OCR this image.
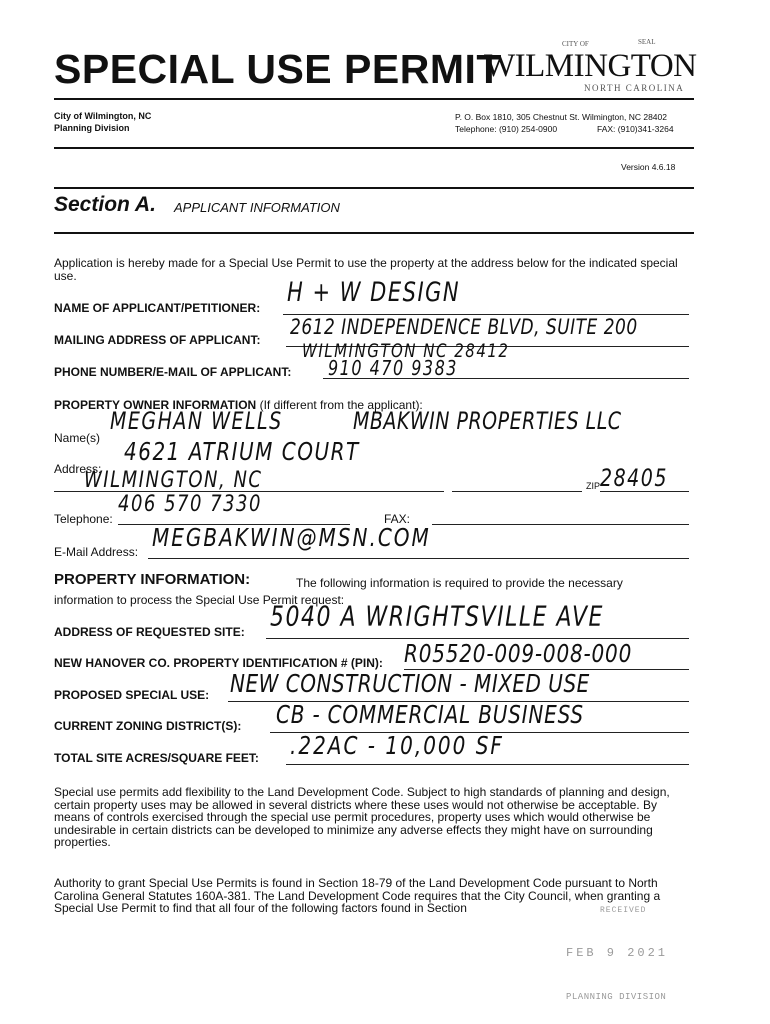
SPECIAL USE PERMIT
CITY OF	SEAL
WILMINGTON
NORTH CAROLINA
City of Wilmington, NC
Planning Division
P. O. Box 1810, 305 Chestnut St. Wilmington, NC 28402
Telephone: (910) 254-0900	FAX: (910)341-3264
Version 4.6.18
Section A. APPLICANT INFORMATION
Application is hereby made for a Special Use Permit to use the property at the address below for the indicated special use.
NAME OF APPLICANT/PETITIONER:
H + W DESIGN
MAILING ADDRESS OF APPLICANT: 2612 INDEPENDENCE BLVD, SUITE 200
WILMINGTON NC 28412
PHONE NUMBER/E-MAIL OF APPLICANT: 910 470 9383
PROPERTY OWNER INFORMATION (If different from the applicant):
Name(s)
MEGHAN WELLS	MBAKWIN PROPERTIES LLC
Address:
4621 ATRIUM COURT
WILMINGTON, NC	ZIP 28405
Telephone:
406 570 7330
FAX:
E-Mail Address: MEGBAKWIN@MSN.COM
PROPERTY INFORMATION:	The following information is required to provide the necessary
information to process the Special Use Permit request:
ADDRESS OF REQUESTED SITE: 5040 A WRIGHTSVILLE AVE
NEW HANOVER CO. PROPERTY IDENTIFICATION # (PIN): R05520-009-008-000
PROPOSED SPECIAL USE: NEW CONSTRUCTION - MIXED USE
CURRENT ZONING DISTRICT(S): CB - COMMERCIAL BUSINESS
TOTAL SITE ACRES/SQUARE FEET: .22AC - 10,000 SF
Special use permits add flexibility to the Land Development Code. Subject to high standards of planning and design, certain property uses may be allowed in several districts where these uses would not otherwise be acceptable. By means of controls exercised through the special use permit procedures, property uses which would otherwise be undesirable in certain districts can be developed to minimize any adverse effects they might have on surrounding properties.
Authority to grant Special Use Permits is found in Section 18-79 of the Land Development Code pursuant to North Carolina General Statutes 160A-381. The Land Development Code requires that the City Council, when granting a Special Use Permit to find that all four of the following factors found in Section	RECEIVED
FEB 9 2021
PLANNING DIVISION
